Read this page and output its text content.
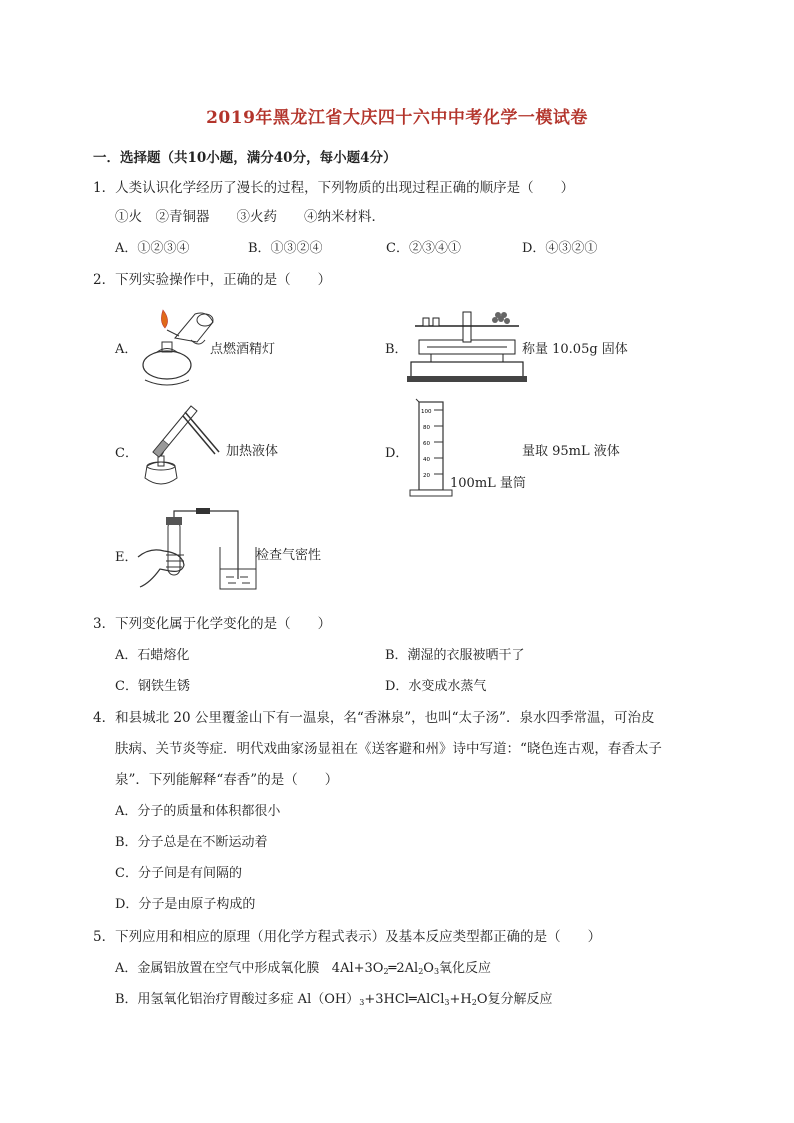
2019年黑龙江省大庆四十六中中考化学一模试卷
一．选择题（共10小题，满分40分，每小题4分）
1．人类认识化学经历了漫长的过程，下列物质的出现过程正确的顺序是（　　）
①火　②青铜器　　③火药　　④纳米材料．
A．①②③④	B．①③②④	C．②③④①	D．④③②①
2．下列实验操作中，正确的是（　　）
A．	点燃酒精灯	B．	称量 10.05g 固体
C．	加热液体	D．
100
80
60
40
20
量取 95mL 液体
100mL 量筒
E．	检查气密性
3．下列变化属于化学变化的是（　　）
A．石蜡熔化	B．潮湿的衣服被晒干了
C．钢铁生锈	D．水变成水蒸气
4．和县城北 20 公里覆釜山下有一温泉，名“香淋泉”，也叫“太子汤”．泉水四季常温，可治皮
肤病、关节炎等症．明代戏曲家汤显祖在《送客避和州》诗中写道：“晓色连古观，春香太子
泉”．下列能解释“春香”的是（　　）
A．分子的质量和体积都很小
B．分子总是在不断运动着
C．分子间是有间隔的
D．分子是由原子构成的
5．下列应用和相应的原理（用化学方程式表示）及基本反应类型都正确的是（　　）
A．金属铝放置在空气中形成氧化膜 $4Al+3O_2═2Al_2O_3$氧化反应
B．用氢氧化铝治疗胃酸过多症 $Al(OH)_3+3HCl═AlCl_3+H_2O$复分解反应
